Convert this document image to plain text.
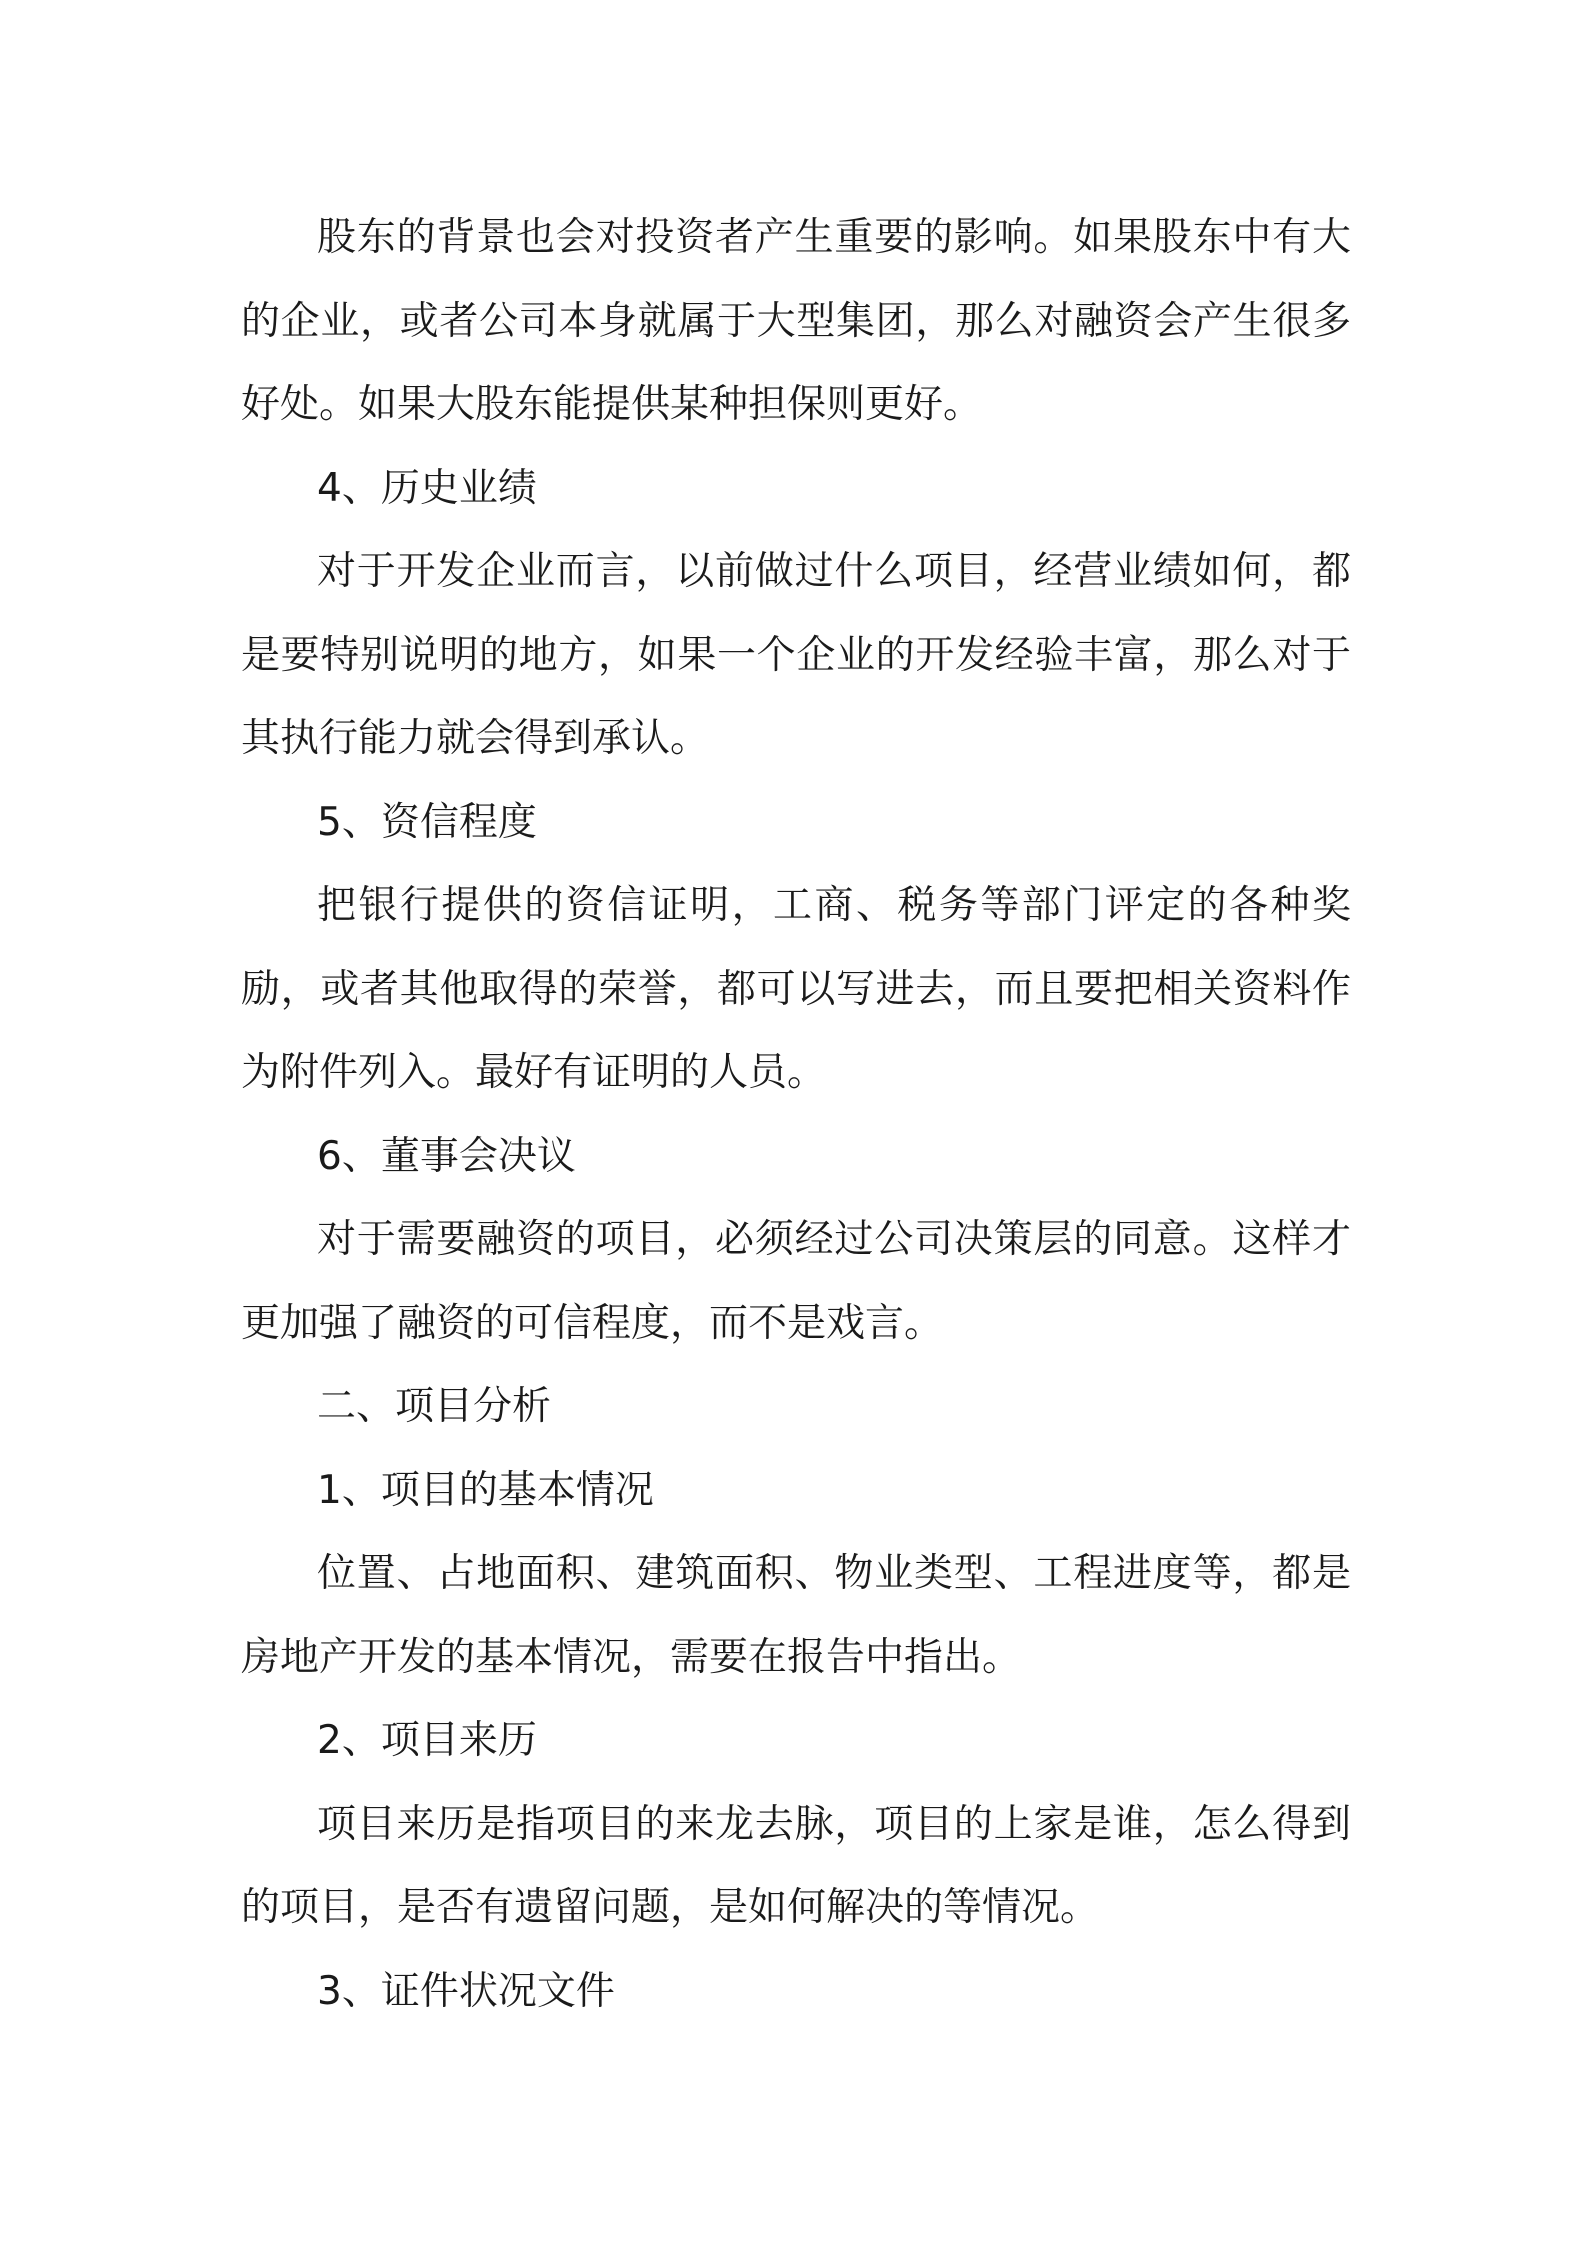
股东的背景也会对投资者产生重要的影响。如果股东中有大的企业，或者公司本身就属于大型集团，那么对融资会产生很多好处。如果大股东能提供某种担保则更好。

4、历史业绩

对于开发企业而言，以前做过什么项目，经营业绩如何，都是要特别说明的地方，如果一个企业的开发经验丰富，那么对于其执行能力就会得到承认。

5、资信程度

把银行提供的资信证明，工商、税务等部门评定的各种奖励，或者其他取得的荣誉，都可以写进去，而且要把相关资料作为附件列入。最好有证明的人员。

6、董事会决议

对于需要融资的项目，必须经过公司决策层的同意。这样才更加强了融资的可信程度，而不是戏言。

二、项目分析

1、项目的基本情况

位置、占地面积、建筑面积、物业类型、工程进度等，都是房地产开发的基本情况，需要在报告中指出。

2、项目来历

项目来历是指项目的来龙去脉，项目的上家是谁，怎么得到的项目，是否有遗留问题，是如何解决的等情况。

3、证件状况文件
